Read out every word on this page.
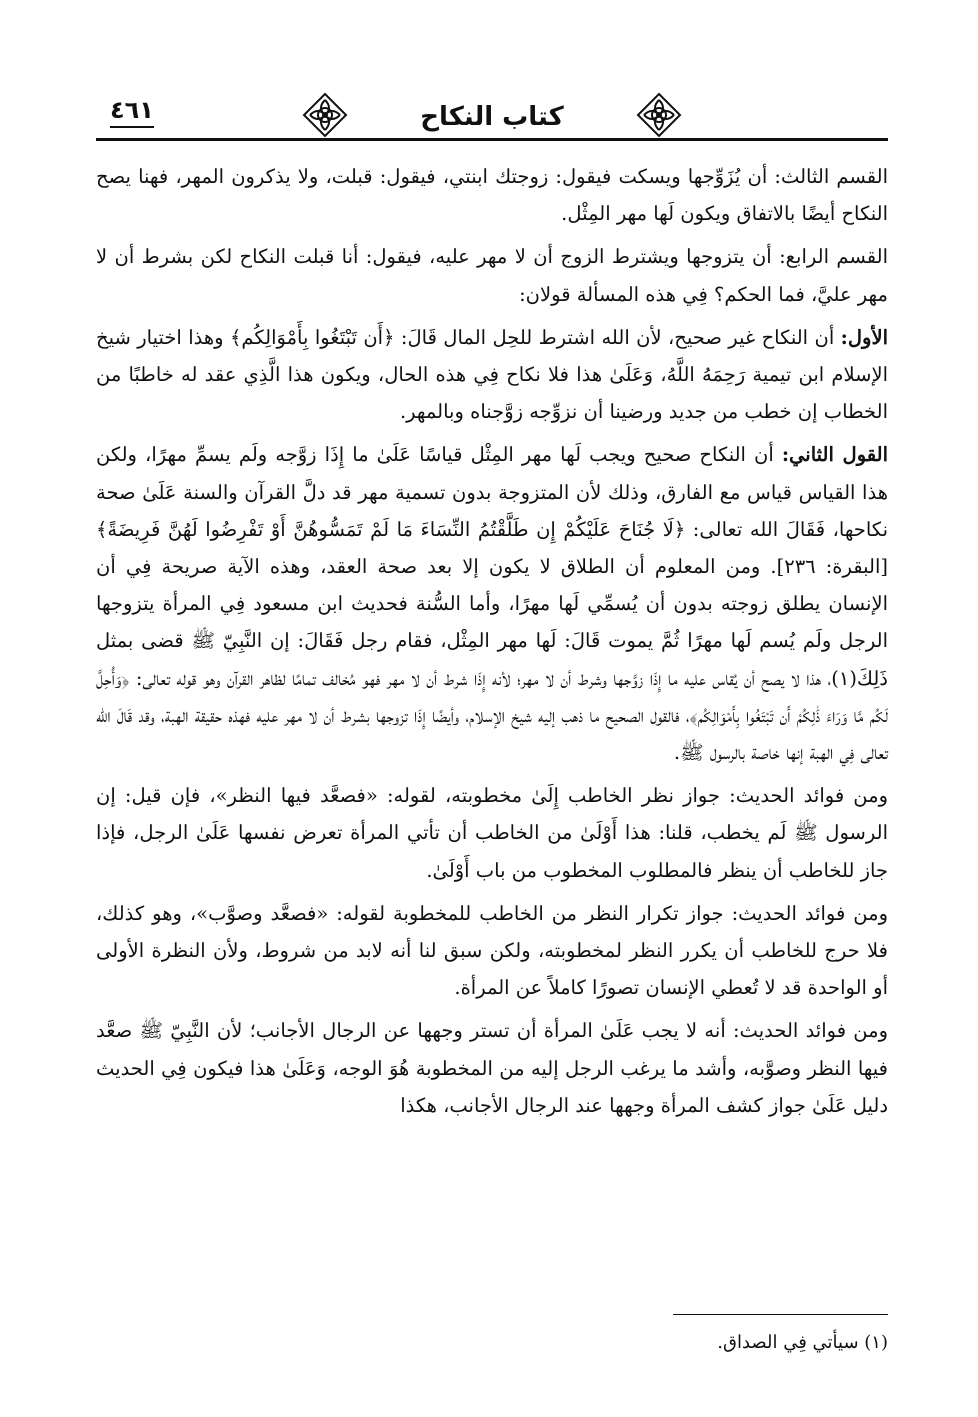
كتاب النكاح
٤٦١

القسم الثالث: أن يُزَوِّجها ويسكت فيقول: زوجتك ابنتي، فيقول: قبلت، ولا يذكرون المهر، فهنا يصح النكاح أيضًا بالاتفاق ويكون لَها مهر المِثْل.

القسم الرابع: أن يتزوجها ويشترط الزوج أن لا مهر عليه، فيقول: أنا قبلت النكاح لكن بشرط أن لا مهر عليَّ، فما الحكم؟ فِي هذه المسألة قولان:

الأول: أن النكاح غير صحيح، لأن الله اشترط للحِل المال قَالَ: ﴿أَن تَبْتَغُوا بِأَمْوَالِكُم﴾ وهذا اختيار شيخ الإسلام ابن تيمية رَحِمَهُ اللَّهُ، وَعَلَىٰ هذا فلا نكاح فِي هذه الحال، ويكون هذا الَّذِي عقد له خاطبًا من الخطاب إن خطب من جديد ورضينا أن نزوِّجه زوَّجناه وبالمهر.

القول الثاني: أن النكاح صحيح ويجب لَها مهر المِثْل قياسًا عَلَىٰ ما إِذَا زوَّجه ولَم يسمِّ مهرًا، ولكن هذا القياس قياس مع الفارق، وذلك لأن المتزوجة بدون تسمية مهر قد دلَّ القرآن والسنة عَلَىٰ صحة نكاحها، فَقَالَ الله تعالى: ﴿لَا جُنَاحَ عَلَيْكُمْ إِن طَلَّقْتُمُ النِّسَاءَ مَا لَمْ تَمَسُّوهُنَّ أَوْ تَفْرِضُوا لَهُنَّ فَرِيضَةً﴾ [البقرة: ٢٣٦]. ومن المعلوم أن الطلاق لا يكون إلا بعد صحة العقد، وهذه الآية صريحة فِي أن الإنسان يطلق زوجته بدون أن يُسمِّي لَها مهرًا، وأما السُّنة فحديث ابن مسعود فِي المرأة يتزوجها الرجل ولَم يُسم لَها مهرًا ثُمَّ يموت قَالَ: لَها مهر المِثْل، فقام رجل فَقَالَ: إن النَّبِيّ ﷺ قضى بمثل ذَلِكَ(١)، هذا لا يصح أن يُقاس عليه ما إِذَا زوَّجها وشرط أن لا مهر؛ لأنه إِذَا شرط أن لا مهر فهو مُخالف تمامًا لظاهر القرآن وهو قوله تعالى: ﴿وَأُحِلَّ لَكُم مَّا وَرَاءَ ذَٰلِكُمْ أَن تَبْتَغُوا بِأَمْوَالِكُم﴾، فالقول الصحيح ما ذهب إليه شيخ الإسلام، وأيضًا إِذَا تزوجها بشرط أن لا مهر عليه فهذه حقيقة الهبة، وقد قَالَ الله تعالى فِي الهبة إنها خاصة بالرسول ﷺ.

ومن فوائد الحديث: جواز نظر الخاطب إِلَىٰ مخطوبته، لقوله: «فصعَّد فيها النظر»، فإن قيل: إن الرسول ﷺ لَم يخطب، قلنا: هذا أَوْلَىٰ من الخاطب أن تأتي المرأة تعرض نفسها عَلَىٰ الرجل، فإذا جاز للخاطب أن ينظر فالمطلوب المخطوب من باب أَوْلَىٰ.

ومن فوائد الحديث: جواز تكرار النظر من الخاطب للمخطوبة لقوله: «فصعَّد وصوَّب»، وهو كذلك، فلا حرج للخاطب أن يكرر النظر لمخطوبته، ولكن سبق لنا أنه لابد من شروط، ولأن النظرة الأولى أو الواحدة قد لا تُعطي الإنسان تصورًا كاملاً عن المرأة.

ومن فوائد الحديث: أنه لا يجب عَلَىٰ المرأة أن تستر وجهها عن الرجال الأجانب؛ لأن النَّبِيّ ﷺ صعَّد فيها النظر وصوَّبه، وأشد ما يرغب الرجل إليه من المخطوبة هُوَ الوجه، وَعَلَىٰ هذا فيكون فِي الحديث دليل عَلَىٰ جواز كشف المرأة وجهها عند الرجال الأجانب، هكذا

(١) سيأتي فِي الصداق.
